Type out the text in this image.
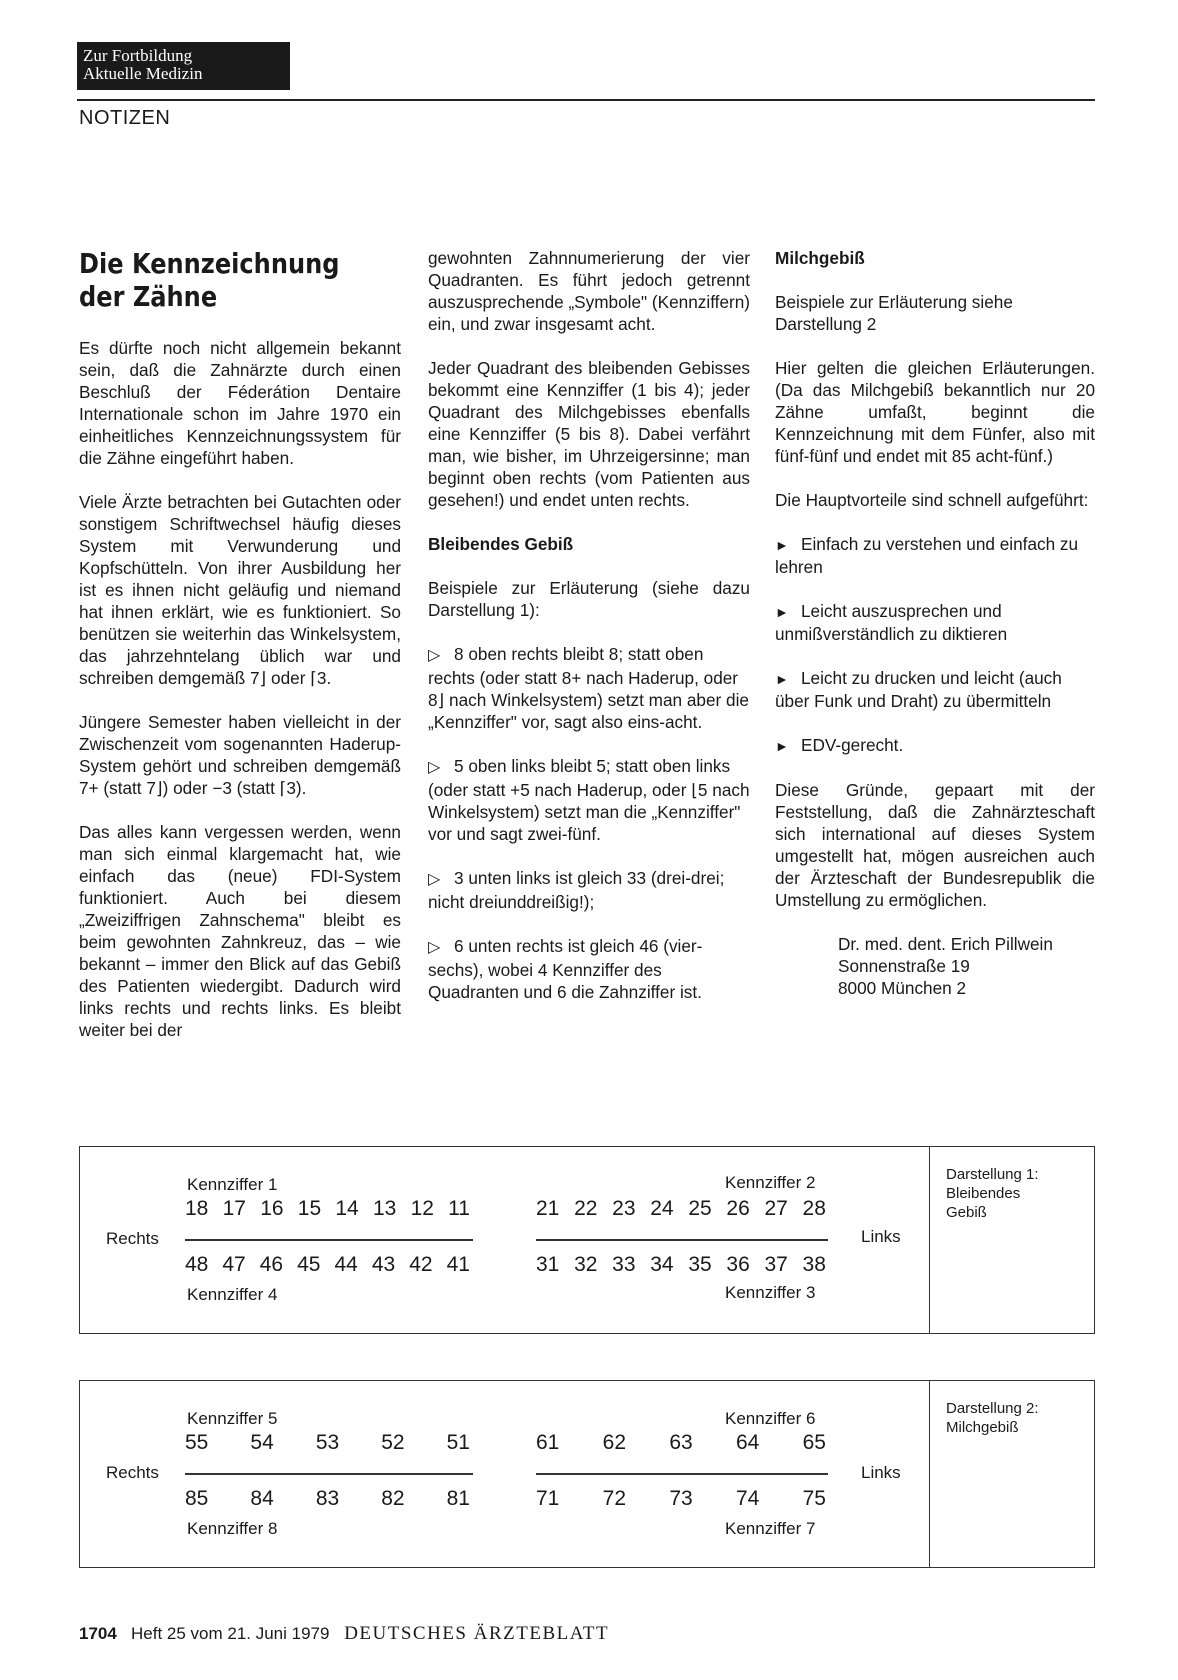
Zur Fortbildung
Aktuelle Medizin
NOTIZEN
Die Kennzeichnung
der Zähne

Es dürfte noch nicht allgemein bekannt sein, daß die Zahnärzte durch einen Beschluß der Féderátion Dentaire Internationale schon im Jahre 1970 ein einheitliches Kennzeichnungssystem für die Zähne eingeführt haben.

Viele Ärzte betrachten bei Gutachten oder sonstigem Schriftwechsel häufig dieses System mit Verwunderung und Kopfschütteln. Von ihrer Ausbildung her ist es ihnen nicht geläufig und niemand hat ihnen erklärt, wie es funktioniert. So benützen sie weiterhin das Winkelsystem, das jahrzehntelang üblich war und schreiben demgemäß 7⌋ oder ⌈3.

Jüngere Semester haben vielleicht in der Zwischenzeit vom sogenannten Haderup-System gehört und schreiben demgemäß 7+ (statt 7⌋) oder −3 (statt ⌈3).

Das alles kann vergessen werden, wenn man sich einmal klargemacht hat, wie einfach das (neue) FDI-System funktioniert. Auch bei diesem „Zweiziffrigen Zahnschema" bleibt es beim gewohnten Zahnkreuz, das – wie bekannt – immer den Blick auf das Gebiß des Patienten wiedergibt. Dadurch wird links rechts und rechts links. Es bleibt weiter bei der

gewohnten Zahnnumerierung der vier Quadranten. Es führt jedoch getrennt auszusprechende „Symbole" (Kennziffern) ein, und zwar insgesamt acht.

Jeder Quadrant des bleibenden Gebisses bekommt eine Kennziffer (1 bis 4); jeder Quadrant des Milchgebisses ebenfalls eine Kennziffer (5 bis 8). Dabei verfährt man, wie bisher, im Uhrzeigersinne; man beginnt oben rechts (vom Patienten aus gesehen!) und endet unten rechts.

Bleibendes Gebiß

Beispiele zur Erläuterung (siehe dazu Darstellung 1):

▷ 8 oben rechts bleibt 8; statt oben rechts (oder statt 8+ nach Haderup, oder 8⌋ nach Winkelsystem) setzt man aber die „Kennziffer" vor, sagt also eins-acht.

▷ 5 oben links bleibt 5; statt oben links (oder statt +5 nach Haderup, oder ⌊5 nach Winkelsystem) setzt man die „Kennziffer" vor und sagt zwei-fünf.

▷ 3 unten links ist gleich 33 (drei-drei; nicht dreiunddreißig!);

▷ 6 unten rechts ist gleich 46 (vier-sechs), wobei 4 Kennziffer des Quadranten und 6 die Zahnziffer ist.

Milchgebiß

Beispiele zur Erläuterung siehe Darstellung 2

Hier gelten die gleichen Erläuterungen. (Da das Milchgebiß bekanntlich nur 20 Zähne umfaßt, beginnt die Kennzeichnung mit dem Fünfer, also mit fünf-fünf und endet mit 85 acht-fünf.)

Die Hauptvorteile sind schnell aufgeführt:

► Einfach zu verstehen und einfach zu lehren

► Leicht auszusprechen und unmißverständlich zu diktieren

► Leicht zu drucken und leicht (auch über Funk und Draht) zu übermitteln

► EDV-gerecht.

Diese Gründe, gepaart mit der Feststellung, daß die Zahnärzteschaft sich international auf dieses System umgestellt hat, mögen ausreichen auch der Ärzteschaft der Bundesrepublik die Umstellung zu ermöglichen.

Dr. med. dent. Erich Pillwein
Sonnenstraße 19
8000 München 2

Kennziffer 1	Kennziffer 2
18 17 16 15 14 13 12 11	21 22 23 24 25 26 27 28
Rechts	Links
48 47 46 45 44 43 42 41	31 32 33 34 35 36 37 38
Kennziffer 4	Kennziffer 3
Darstellung 1:
Bleibendes
Gebiß
Kennziffer 5	Kennziffer 6
55 54 53 52 51	61 62 63 64 65
Rechts	Links
85 84 83 82 81	71 72 73 74 75
Kennziffer 8	Kennziffer 7
Darstellung 2:
Milchgebiß
1704 Heft 25 vom 21. Juni 1979 DEUTSCHES ÄRZTEBLATT
